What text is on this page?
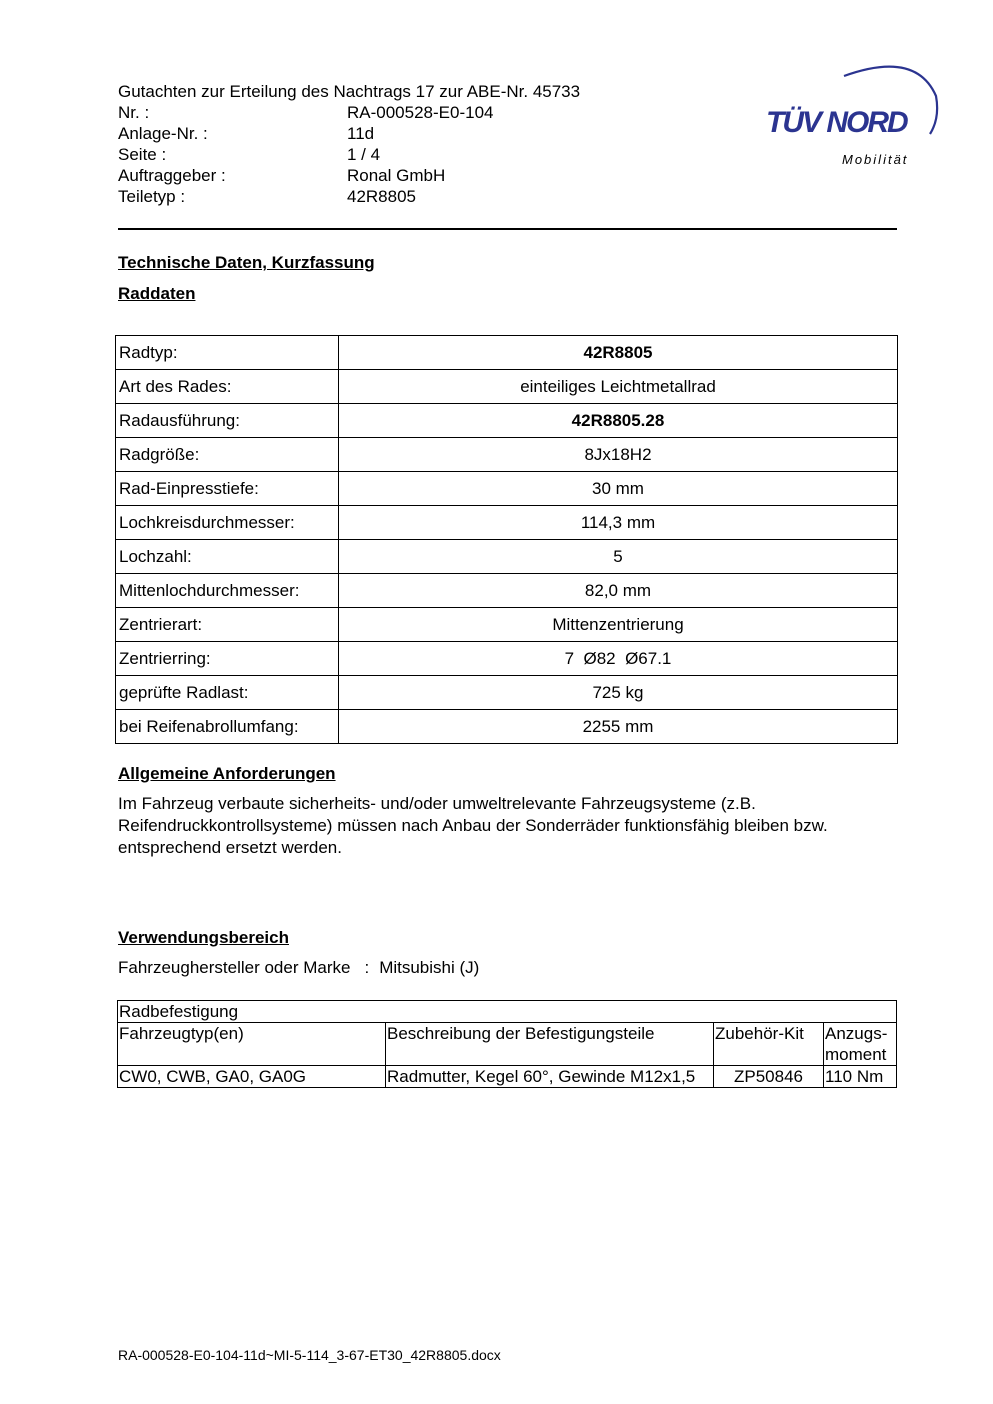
Gutachten zur Erteilung des Nachtrags 17 zur ABE-Nr. 45733
Nr. :	RA-000528-E0-104
Anlage-Nr. :	11d
Seite :	1 / 4
Auftraggeber :	Ronal GmbH
Teiletyp :	42R8805
TÜV NORD
Mobilität
Technische Daten, Kurzfassung
Raddaten
Radtyp:	42R8805
Art des Rades:	einteiliges Leichtmetallrad
Radausführung:	42R8805.28
Radgröße:	8Jx18H2
Rad-Einpresstiefe:	30 mm
Lochkreisdurchmesser:	114,3 mm
Lochzahl:	5
Mittenlochdurchmesser:	82,0 mm
Zentrierart:	Mittenzentrierung
Zentrierring:	7  Ø82  Ø67.1
geprüfte Radlast:	725 kg
bei Reifenabrollumfang:	2255 mm
Allgemeine Anforderungen
Im Fahrzeug verbaute sicherheits- und/oder umweltrelevante Fahrzeugsysteme (z.B. Reifendruckkontrollsysteme) müssen nach Anbau der Sonderräder funktionsfähig bleiben bzw. entsprechend ersetzt werden.
Verwendungsbereich
Fahrzeughersteller oder Marke : Mitsubishi (J)
Radbefestigung			
Fahrzeugtyp(en)	Beschreibung der Befestigungsteile	Zubehör-Kit	Anzugs-moment
CW0, CWB, GA0, GA0G	Radmutter, Kegel 60°, Gewinde M12x1,5	ZP50846	110 Nm
RA-000528-E0-104-11d~MI-5-114_3-67-ET30_42R8805.docx
